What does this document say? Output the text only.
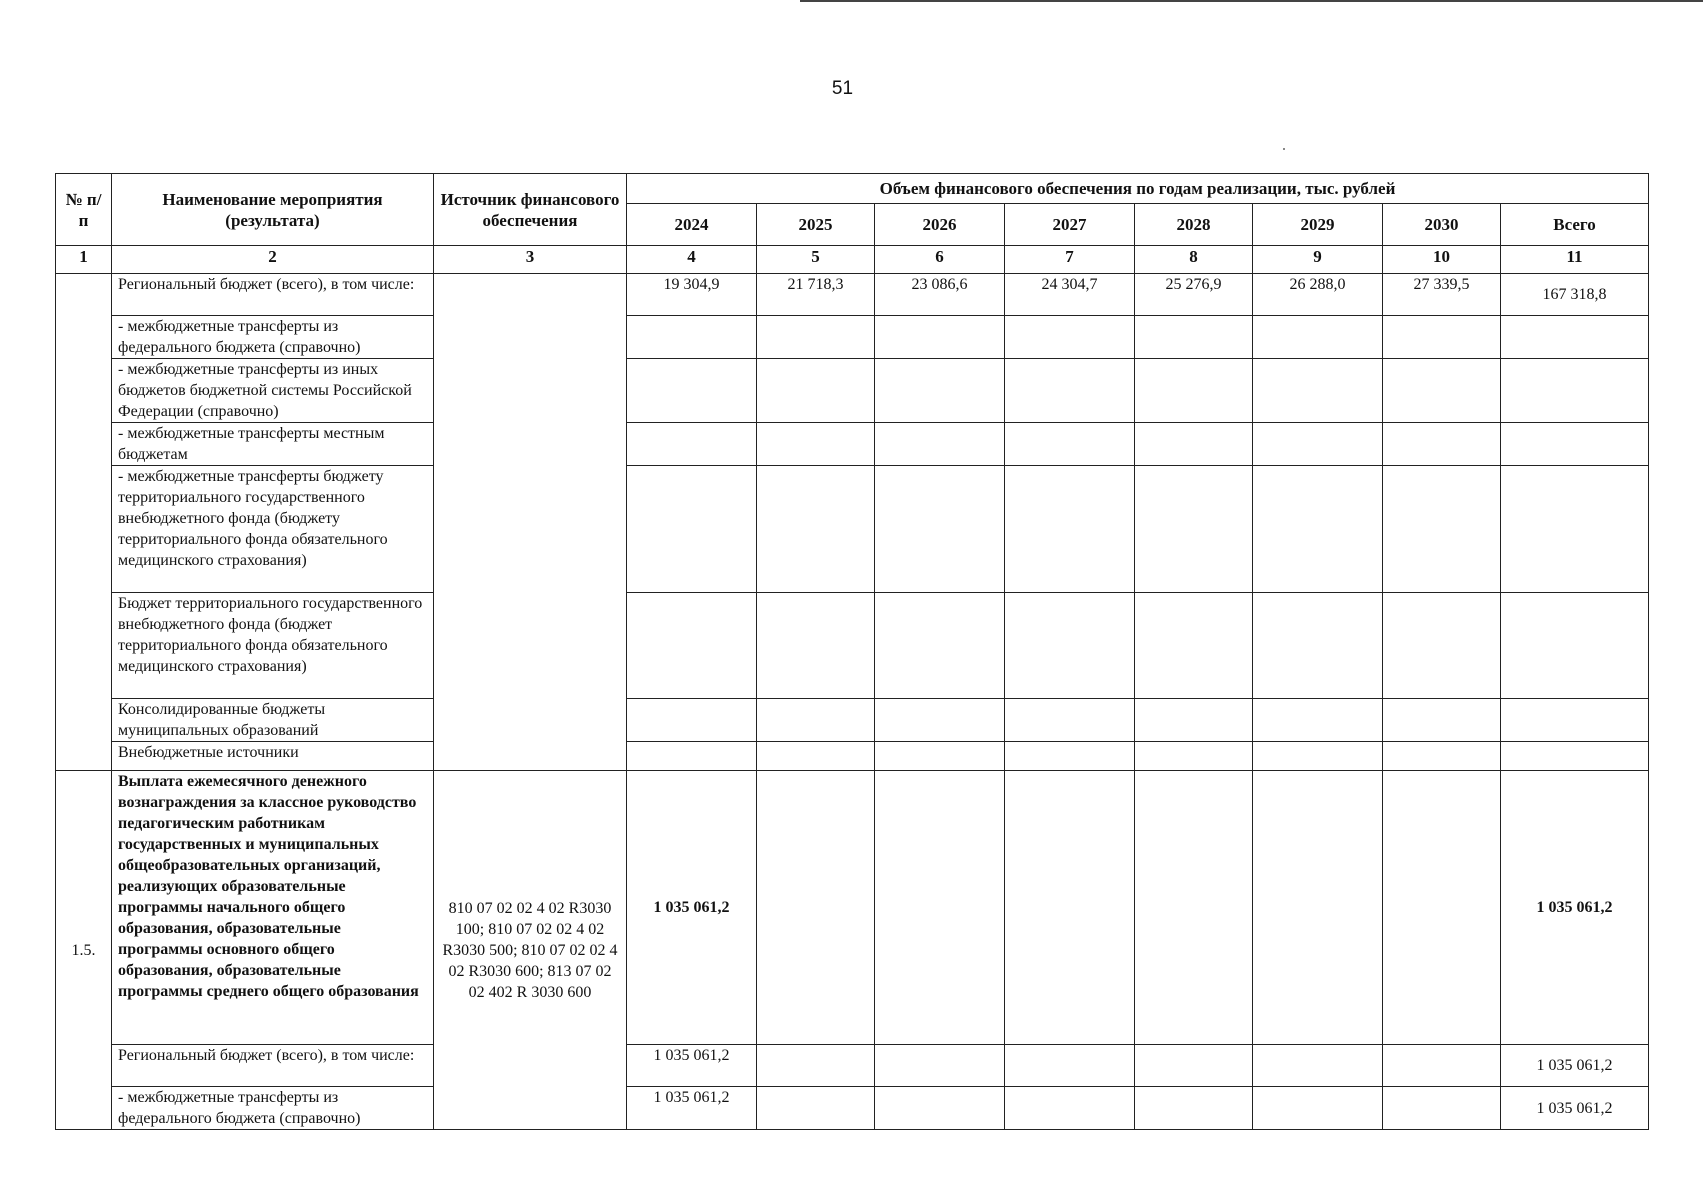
51
№ п/п	Наименование мероприятия (результата)	Источник финансового обеспечения	Объем финансового обеспечения по годам реализации, тыс. рублей							
			2024	2025	2026	2027	2028	2029	2030	Всего
1	2	3	4	5	6	7	8	9	10	11
	Региональный бюджет (всего), в том числе:		19 304,9	21 718,3	23 086,6	24 304,7	25 276,9	26 288,0	27 339,5	167 318,8
	- межбюджетные трансферты из федерального бюджета (справочно)									
	- межбюджетные трансферты из иных бюджетов бюджетной системы Российской Федерации (справочно)									
	- межбюджетные трансферты местным бюджетам									
	- межбюджетные трансферты бюджету территориального государственного внебюджетного фонда (бюджету территориального фонда обязательного медицинского страхования)									
	Бюджет территориального государственного внебюджетного фонда (бюджет территориального фонда обязательного медицинского страхования)									
	Консолидированные бюджеты муниципальных образований									
	Внебюджетные источники									
1.5.	Выплата ежемесячного денежного вознаграждения за классное руководство педагогическим работникам государственных и муниципальных общеобразовательных организаций, реализующих образовательные программы начального общего образования, образовательные программы основного общего образования, образовательные программы среднего общего образования	810 07 02 02 4 02 R3030 100; 810 07 02 02 4 02 R3030 500; 810 07 02 02 4 02 R3030 600; 813 07 02 02 402 R 3030 600	1 035 061,2							1 035 061,2
	Региональный бюджет (всего), в том числе:		1 035 061,2							1 035 061,2
	- межбюджетные трансферты из федерального бюджета (справочно)		1 035 061,2							1 035 061,2
